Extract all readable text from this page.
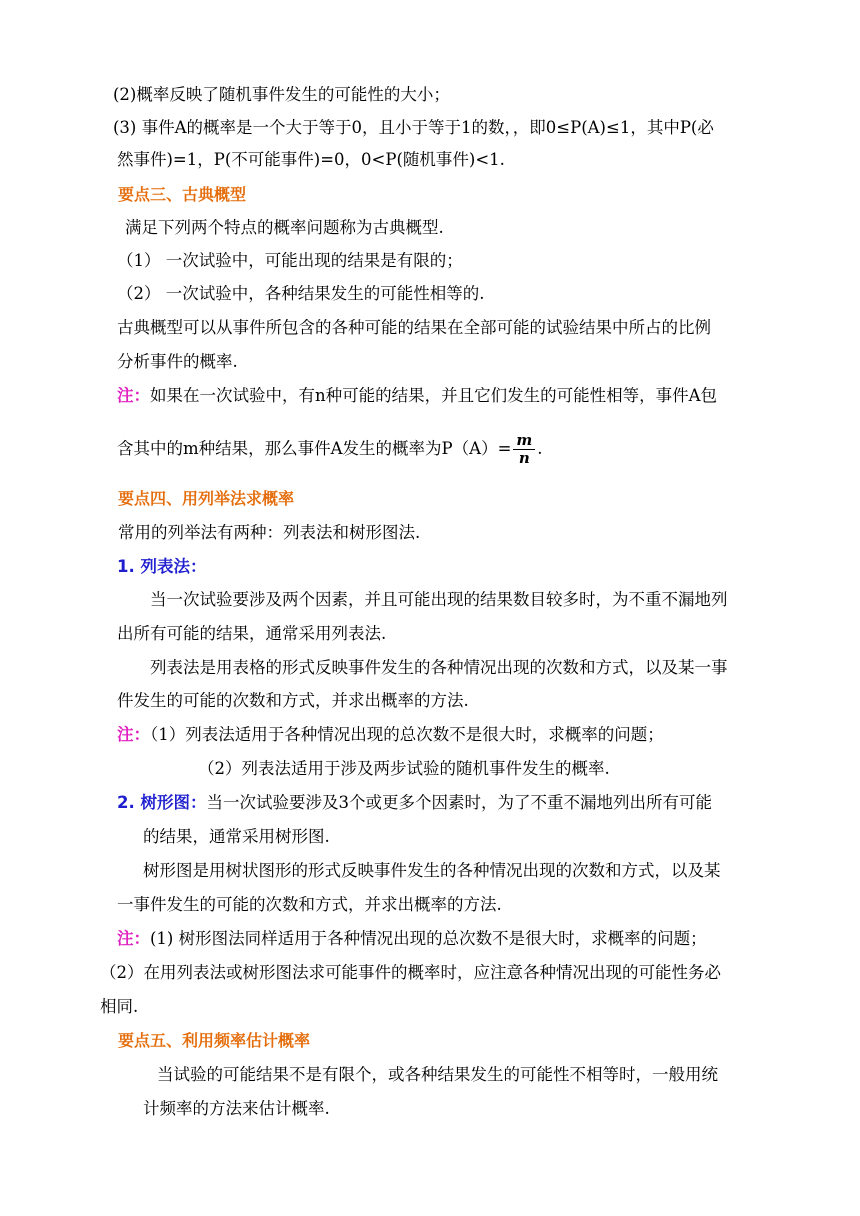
(2)概率反映了随机事件发生的可能性的大小；
(3) 事件A的概率是一个大于等于0，且小于等于1的数，，即0≤P(A)≤1，其中P(必
然事件)=1，P(不可能事件)=0，0<P(随机事件)<1.
要点三、古典概型
满足下列两个特点的概率问题称为古典概型.
（1） 一次试验中，可能出现的结果是有限的；
（2） 一次试验中，各种结果发生的可能性相等的.
古典概型可以从事件所包含的各种可能的结果在全部可能的试验结果中所占的比例
分析事件的概率.
注：如果在一次试验中，有n种可能的结果，并且它们发生的可能性相等，事件A包
含其中的m种结果，那么事件A发生的概率为$P(A)= \frac{m}{n}$ .
要点四、用列举法求概率
常用的列举法有两种：列表法和树形图法.
1. 列表法：
当一次试验要涉及两个因素，并且可能出现的结果数目较多时，为不重不漏地列
出所有可能的结果，通常采用列表法.
列表法是用表格的形式反映事件发生的各种情况出现的次数和方式，以及某一事
件发生的可能的次数和方式，并求出概率的方法.
注：（1）列表法适用于各种情况出现的总次数不是很大时，求概率的问题；
（2）列表法适用于涉及两步试验的随机事件发生的概率.
2. 树形图：当一次试验要涉及3个或更多个因素时，为了不重不漏地列出所有可能
的结果，通常采用树形图.
树形图是用树状图形的形式反映事件发生的各种情况出现的次数和方式，以及某
一事件发生的可能的次数和方式，并求出概率的方法.
注：(1) 树形图法同样适用于各种情况出现的总次数不是很大时，求概率的问题；
（2）在用列表法或树形图法求可能事件的概率时，应注意各种情况出现的可能性务必
相同.
要点五、利用频率估计概率
当试验的可能结果不是有限个，或各种结果发生的可能性不相等时，一般用统
计频率的方法来估计概率.
